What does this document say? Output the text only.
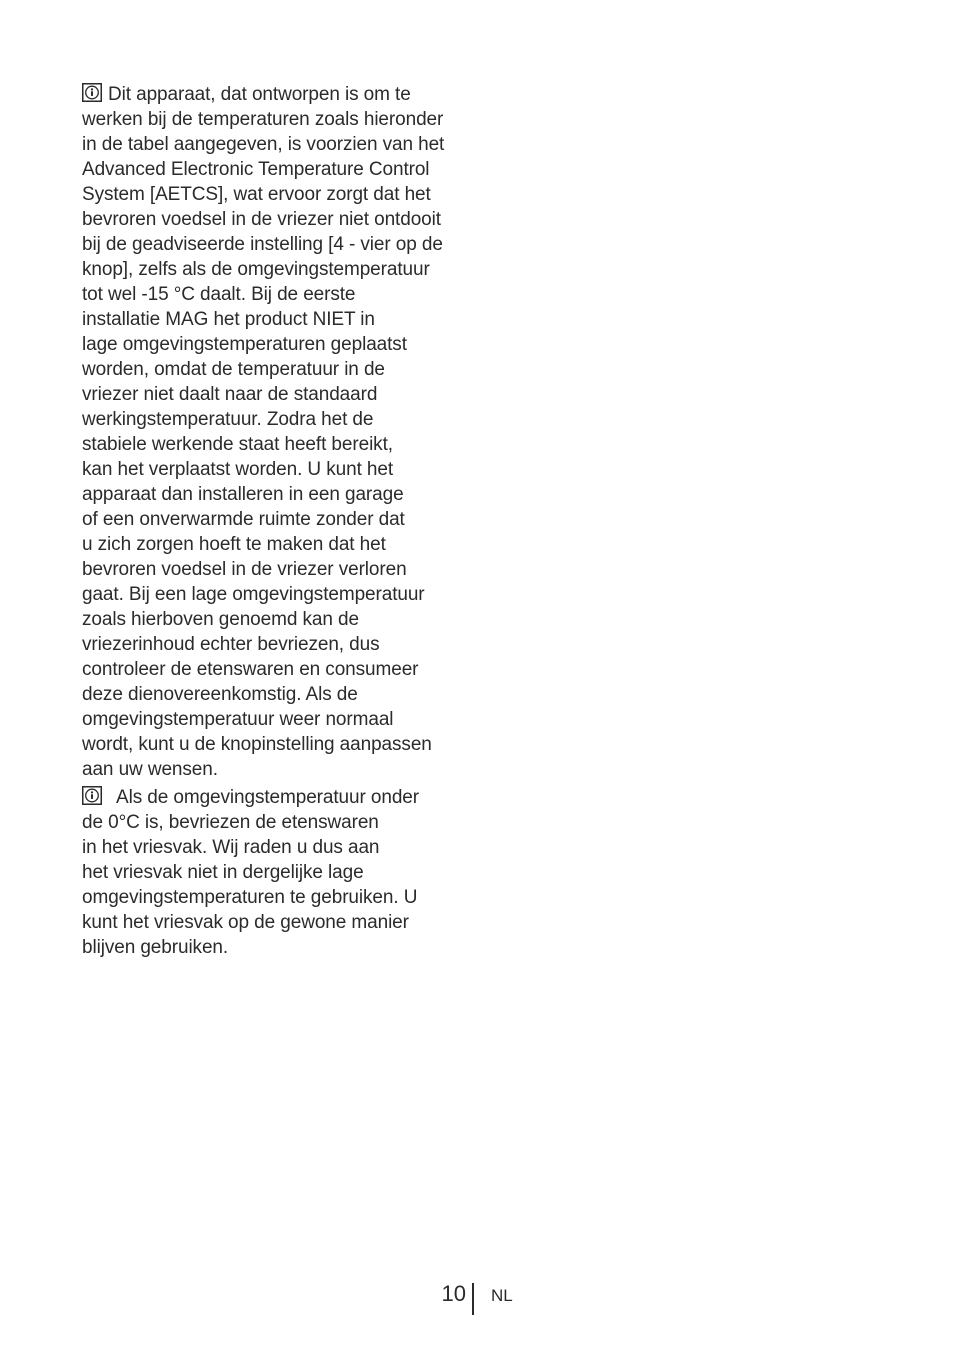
Dit apparaat, dat ontworpen is om te
werken bij de temperaturen zoals hieronder
in de tabel aangegeven, is voorzien van het
Advanced Electronic Temperature Control
System [AETCS], wat ervoor zorgt dat het
bevroren voedsel in de vriezer niet ontdooit
bij de geadviseerde instelling [4 - vier op de
knop], zelfs als de omgevingstemperatuur
tot wel -15 °C daalt. Bij de eerste
installatie MAG het product NIET in
lage omgevingstemperaturen geplaatst
worden, omdat de temperatuur in de
vriezer niet daalt naar de standaard
werkingstemperatuur. Zodra het de
stabiele werkende staat heeft bereikt,
kan het verplaatst worden. U kunt het
apparaat dan installeren in een garage
of een onverwarmde ruimte zonder dat
u zich zorgen hoeft te maken dat het
bevroren voedsel in de vriezer verloren
gaat. Bij een lage omgevingstemperatuur
zoals hierboven genoemd kan de
vriezerinhoud echter bevriezen, dus
controleer de etenswaren en consumeer
deze dienovereenkomstig. Als de
omgevingstemperatuur weer normaal
wordt, kunt u de knopinstelling aanpassen
aan uw wensen.

Als de omgevingstemperatuur onder
de 0°C is, bevriezen de etenswaren
in het vriesvak. Wij raden u dus aan
het vriesvak niet in dergelijke lage
omgevingstemperaturen te gebruiken. U
kunt het vriesvak op de gewone manier
blijven gebruiken.

10 NL
